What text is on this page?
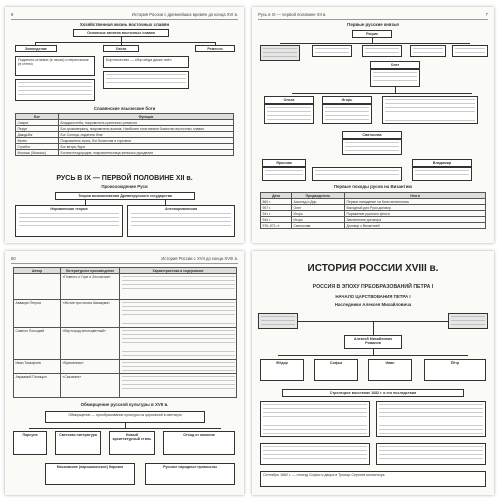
6	История России с древнейших времён до конца XVI в.
Хозяйственная жизнь восточных славян
Основные занятия восточных славян
Земледелие	Охота	Ремесло
Подсечно-огневое (в лесах) и переложное (в степи)
Бортничество — сбор мёда диких пчёл
Славянские языческие боги
Бог	Функции
Сварог	Владыка неба, покровитель кузнечного ремесла
Перун	Бог-громовержец, покровитель воинов. Наиболее почитаемое божество восточных славян
Даждьбог	Бог Солнца, податель благ
Велес	Покровитель скота, бог богатства и торговли
Стрибог	Бог ветра, бури
Мокошь (Мокошь)	Богиня плодородия, покровительница женского рукоделия
РУСЬ В IX — ПЕРВОЙ ПОЛОВИНЕ XII в.
Происхождение Руси
Теории возникновения Древнерусского государства
Норманнская теория	Антинорманнская
Русь в IX — первой половине XII в.	7
Первые русские князья
Рюрик
Олег
Ольга	Игорь
Святослав
Ярослав	Владимир
Первые походы русов на Византию
Дата	Предводитель	Итоги
860 г.	Аскольд и Дир	Первое нападение на Константинополь
907 г.	Олег	Выгодный для Руси договор
941 г.	Игорь	Поражение русского флота
944 г.	Игорь	Заключение договора
970–971 гг.	Святослав	Договор с Византией
50	История России с XVII до конца XVIII в.
Автор	Литературное произведение	Характеристика и содержание
	«Повесть о Горе и Злочастии»	

Аввакум Петров	«Житие протопопа Аввакума»	

Симеон Полоцкий	«Вертоград многоцветный»	

Иван Тимофеев	«Временник»	

Авраамий Палицын	«Сказание»	
Обмирщение русской культуры в XVII в.
Обмирщение — преобразование культуры из церковной в светскую
Парсуна	Светская литература	Новый архитектурный стиль
Отход от канонов
Московское (нарышкинское) барокко	Русские народные промыслы
ИСТОРИЯ РОССИИ XVIII в.
РОССИЯ В ЭПОХУ ПРЕОБРАЗОВАНИЙ ПЕТРА I
НАЧАЛО ЦАРСТВОВАНИЯ ПЕТРА I
Наследники Алексея Михайловича
Алексей Михайлович Романов
Фёдор	Софья	Иван	Пётр
Стрелецкое восстание 1682 г. и его последствия
Сентябрь 1682 г. — отъезд Софьи и двора в Троице-Сергиев монастырь
